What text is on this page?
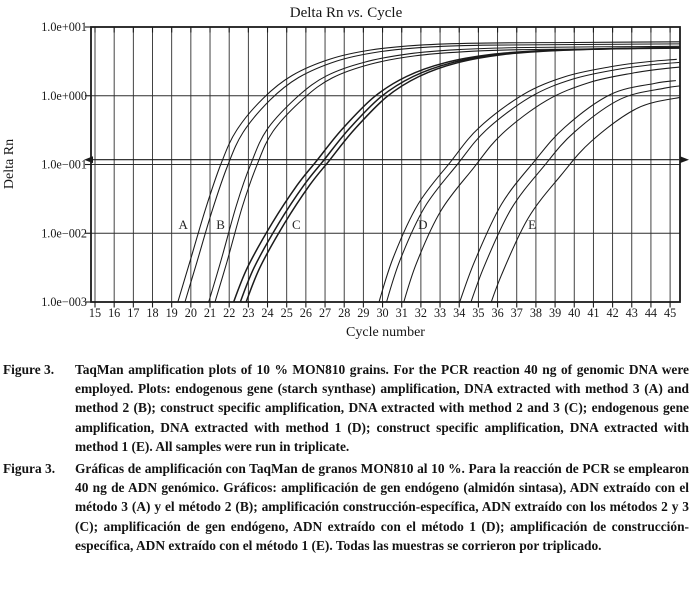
A B	C	D	E
15 16 17 18 19 20 21 22 23 24 25 26 27 28 29 30 31 32 33 34 35 36 37 38 39 40 41 42 43 44 45
1.0e+001
1.0e+000
1.0e−001
1.0e−002
1.0e−003
Cycle number
Delta Rn
Delta Rn vs. Cycle

Figure 3. TaqMan amplification plots of 10 % MON810 grains. For the PCR reaction 40 ng of genomic DNA were employed. Plots: endogenous gene (starch synthase) amplification, DNA extracted with method 3 (A) and method 2 (B); construct specific amplification, DNA extracted with method 2 and 3 (C); endogenous gene amplification, DNA extracted with method 1 (D); construct specific amplification, DNA extracted with method 1 (E). All samples were run in triplicate.

Figura 3. Gráficas de amplificación con TaqMan de granos MON810 al 10 %. Para la reacción de PCR se emplearon 40 ng de ADN genómico. Gráficos: amplificación de gen endógeno (almidón sintasa), ADN extraído con el método 3 (A) y el método 2 (B); amplificación construcción-específica, ADN extraído con los métodos 2 y 3 (C); amplificación de gen endógeno, ADN extraído con el método 1 (D); amplificación de construcción-específica, ADN extraído con el método 1 (E). Todas las muestras se corrieron por triplicado.
